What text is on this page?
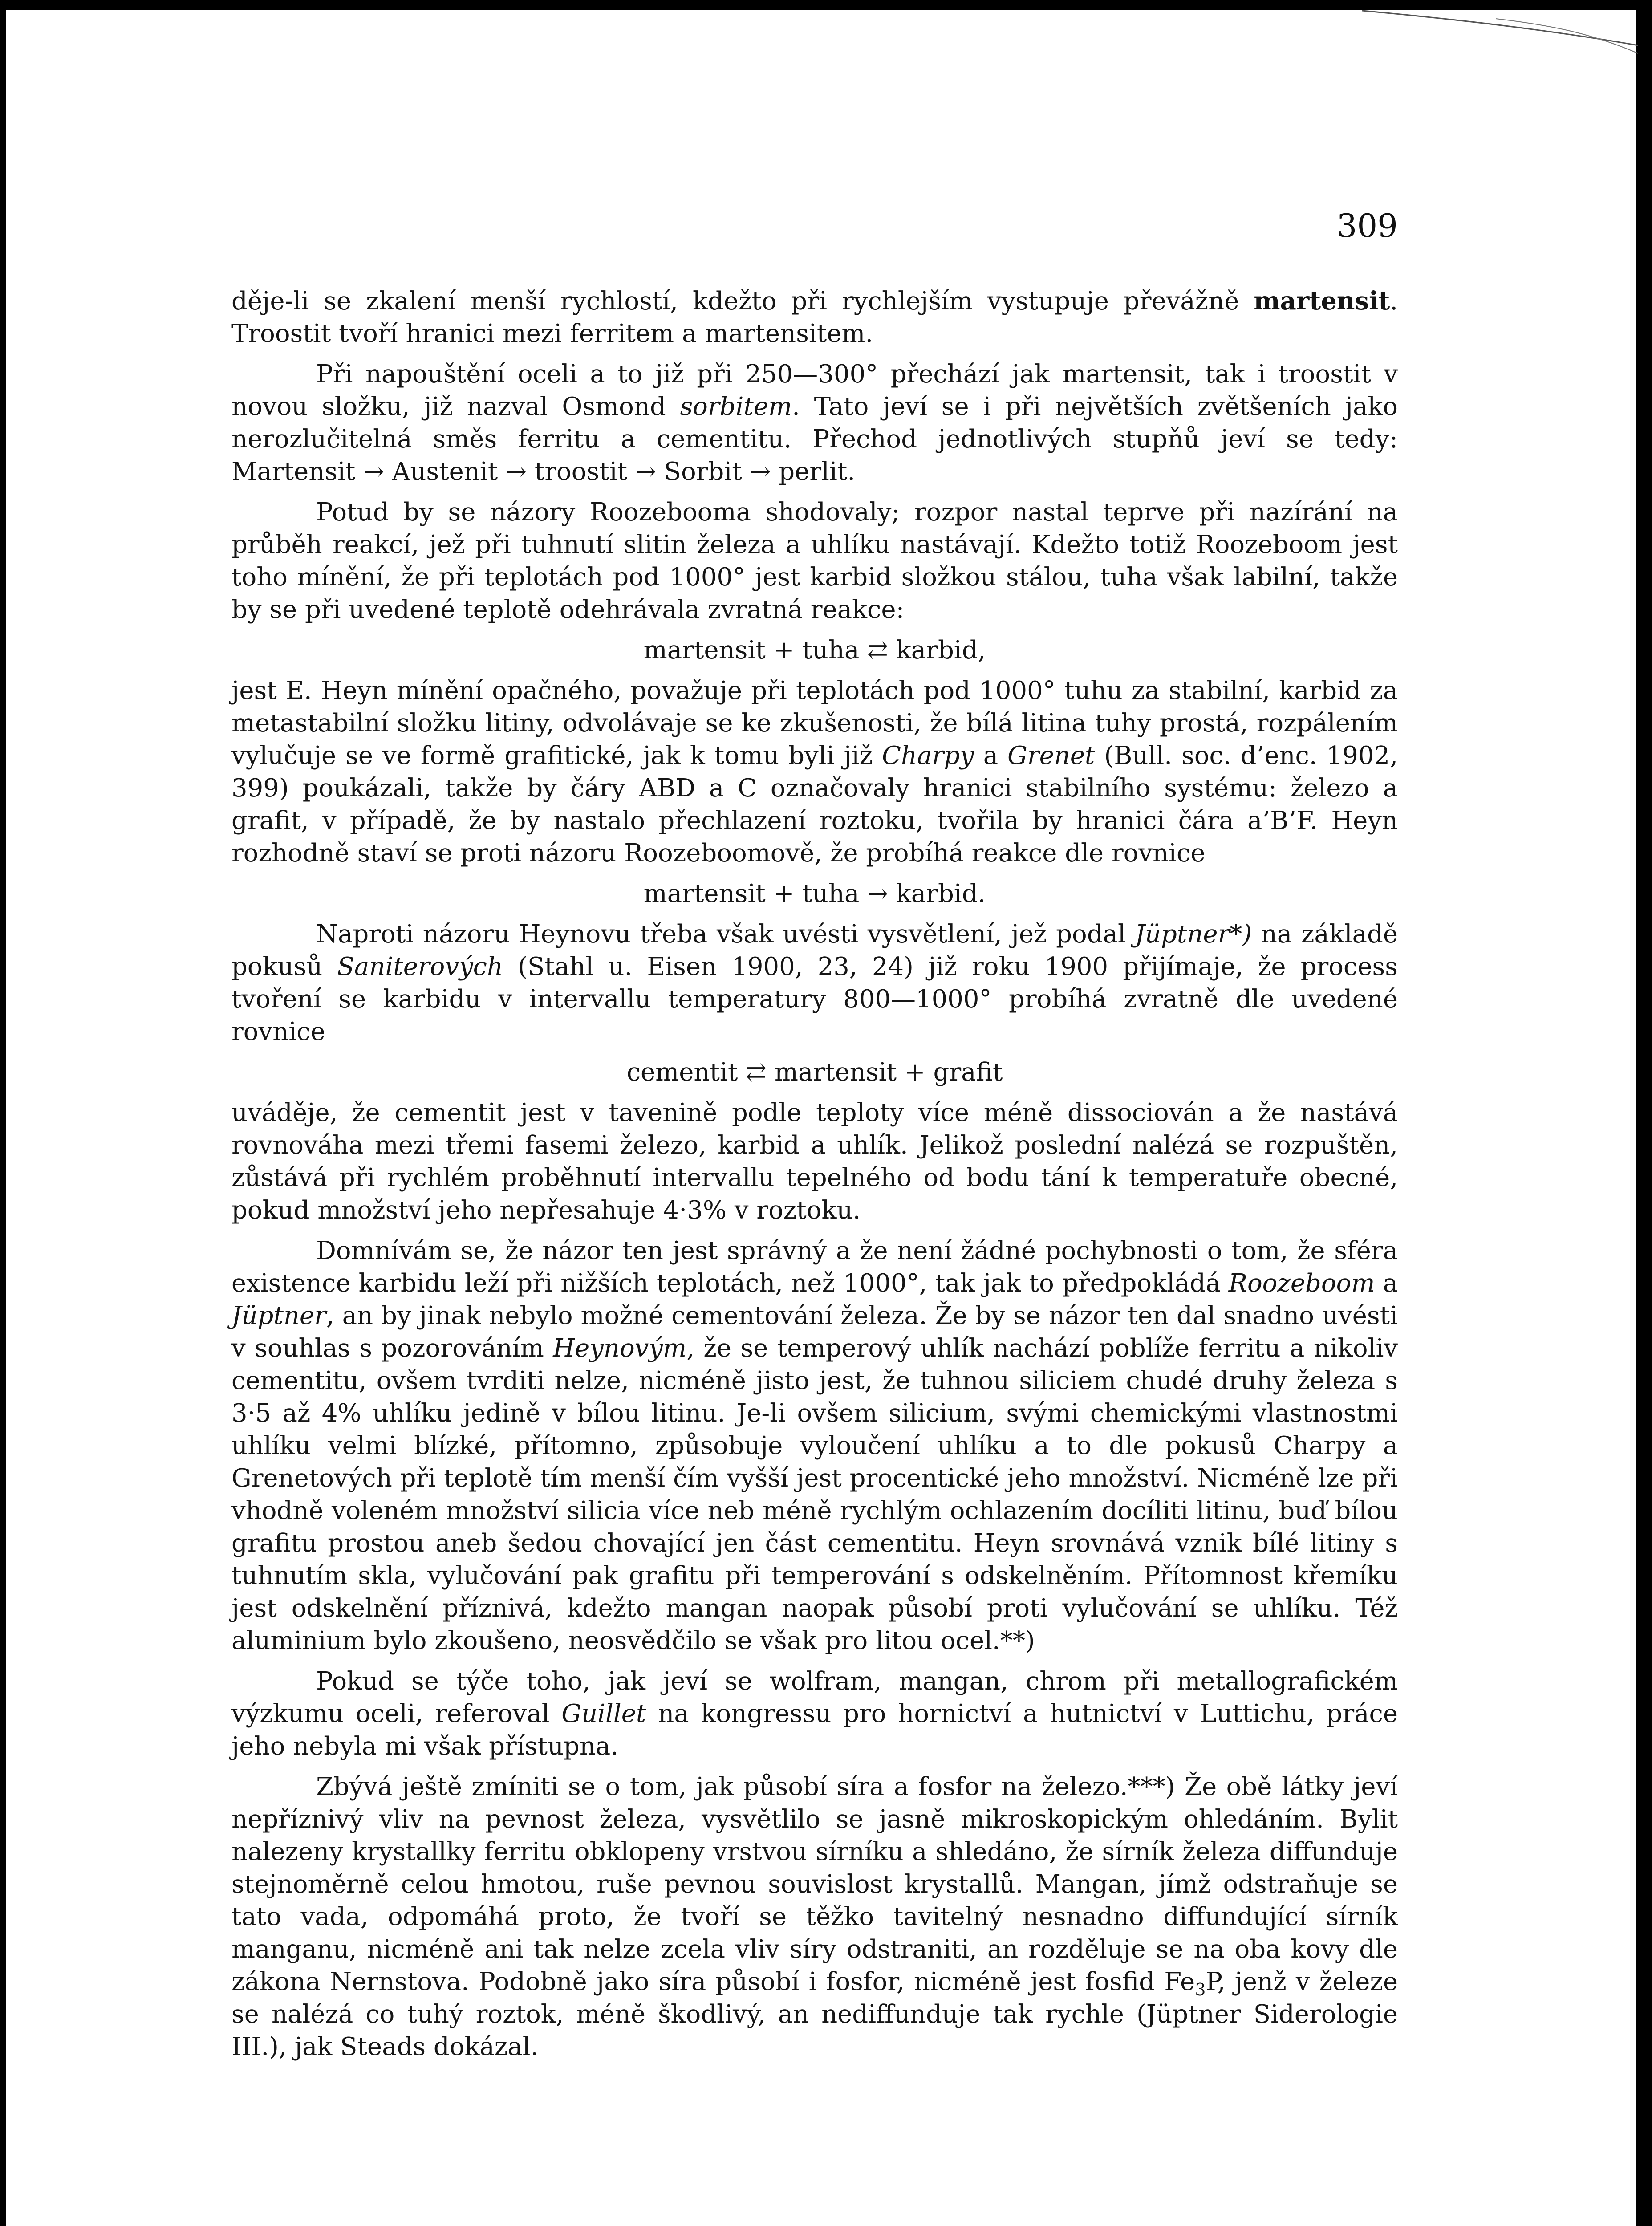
309

děje-li se zkalení menší rychlostí, kdežto při rychlejším vystupuje převážně martensit. Troostit tvoří hranici mezi ferritem a martensitem.

Při napouštění oceli a to již při 250—300° přechází jak martensit, tak i troostit v novou složku, již nazval Osmond sorbitem. Tato jeví se i při největších zvětšeních jako nerozlučitelná směs ferritu a cementitu. Přechod jednotlivých stupňů jeví se tedy: Martensit → Austenit → troostit → Sorbit → perlit.

Potud by se názory Roozebooma shodovaly; rozpor nastal teprve při nazírání na průběh reakcí, jež při tuhnutí slitin železa a uhlíku nastávají. Kdežto totiž Roozeboom jest toho mínění, že při teplotách pod 1000° jest karbid složkou stálou, tuha však labilní, takže by se při uvedené teplotě odehrávala zvratná reakce:

martensit + tuha ⇄ karbid,

jest E. Heyn mínění opačného, považuje při teplotách pod 1000° tuhu za stabilní, karbid za metastabilní složku litiny, odvolávaje se ke zkušenosti, že bílá litina tuhy prostá, rozpálením vylučuje se ve formě grafitické, jak k tomu byli již Charpy a Grenet (Bull. soc. d’enc. 1902, 399) poukázali, takže by čáry ABD a C označovaly hranici stabilního systému: železo a grafit, v případě, že by nastalo přechlazení roztoku, tvořila by hranici čára a’B’F. Heyn rozhodně staví se proti názoru Roozeboomově, že probíhá reakce dle rovnice

martensit + tuha → karbid.

Naproti názoru Heynovu třeba však uvésti vysvětlení, jež podal Jüptner*) na základě pokusů Saniterových (Stahl u. Eisen 1900, 23, 24) již roku 1900 přijímaje, že process tvoření se karbidu v intervallu temperatury 800—1000° probíhá zvratně dle uvedené rovnice

cementit ⇄ martensit + grafit

uváděje, že cementit jest v tavenině podle teploty více méně dissociován a že nastává rovnováha mezi třemi fasemi železo, karbid a uhlík. Jelikož poslední nalézá se rozpuštěn, zůstává při rychlém proběhnutí intervallu tepelného od bodu tání k temperatuře obecné, pokud množství jeho nepřesahuje 4·3% v roztoku.

Domnívám se, že názor ten jest správný a že není žádné pochybnosti o tom, že sféra existence karbidu leží při nižších teplotách, než 1000°, tak jak to předpokládá Roozeboom a Jüptner, an by jinak nebylo možné cementování železa. Že by se názor ten dal snadno uvésti v souhlas s pozorováním Heynovým, že se temperový uhlík nachází poblíže ferritu a nikoliv cementitu, ovšem tvrditi nelze, nicméně jisto jest, že tuhnou siliciem chudé druhy železa s 3·5 až 4% uhlíku jedině v bílou litinu. Je-li ovšem silicium, svými chemickými vlastnostmi uhlíku velmi blízké, přítomno, způsobuje vyloučení uhlíku a to dle pokusů Charpy a Grenetových při teplotě tím menší čím vyšší jest procentické jeho množství. Nicméně lze při vhodně voleném množství silicia více neb méně rychlým ochlazením docíliti litinu, buď bílou grafitu prostou aneb šedou chovající jen část cementitu. Heyn srovnává vznik bílé litiny s tuhnutím skla, vylučování pak grafitu při temperování s odskelněním. Přítomnost křemíku jest odskelnění příznivá, kdežto mangan naopak působí proti vylučování se uhlíku. Též aluminium bylo zkoušeno, neosvědčilo se však pro litou ocel.**)

Pokud se týče toho, jak jeví se wolfram, mangan, chrom při metallografickém výzkumu oceli, referoval Guillet na kongressu pro hornictví a hutnictví v Luttichu, práce jeho nebyla mi však přístupna.

Zbývá ještě zmíniti se o tom, jak působí síra a fosfor na železo.***) Že obě látky jeví nepříznivý vliv na pevnost železa, vysvětlilo se jasně mikroskopickým ohledáním. Bylit nalezeny krystallky ferritu obklopeny vrstvou sírníku a shledáno, že sírník železa diffunduje stejnoměrně celou hmotou, ruše pevnou souvislost krystallů. Mangan, jímž odstraňuje se tato vada, odpomáhá proto, že tvoří se těžko tavitelný nesnadno diffundující sírník manganu, nicméně ani tak nelze zcela vliv síry odstraniti, an rozděluje se na oba kovy dle zákona Nernstova. Podobně jako síra působí i fosfor, nicméně jest fosfid $Fe_3P$, jenž v železe se nalézá co tuhý roztok, méně škodlivý, an nediffunduje tak rychle (Jüptner Siderologie III.), jak Steads dokázal.
